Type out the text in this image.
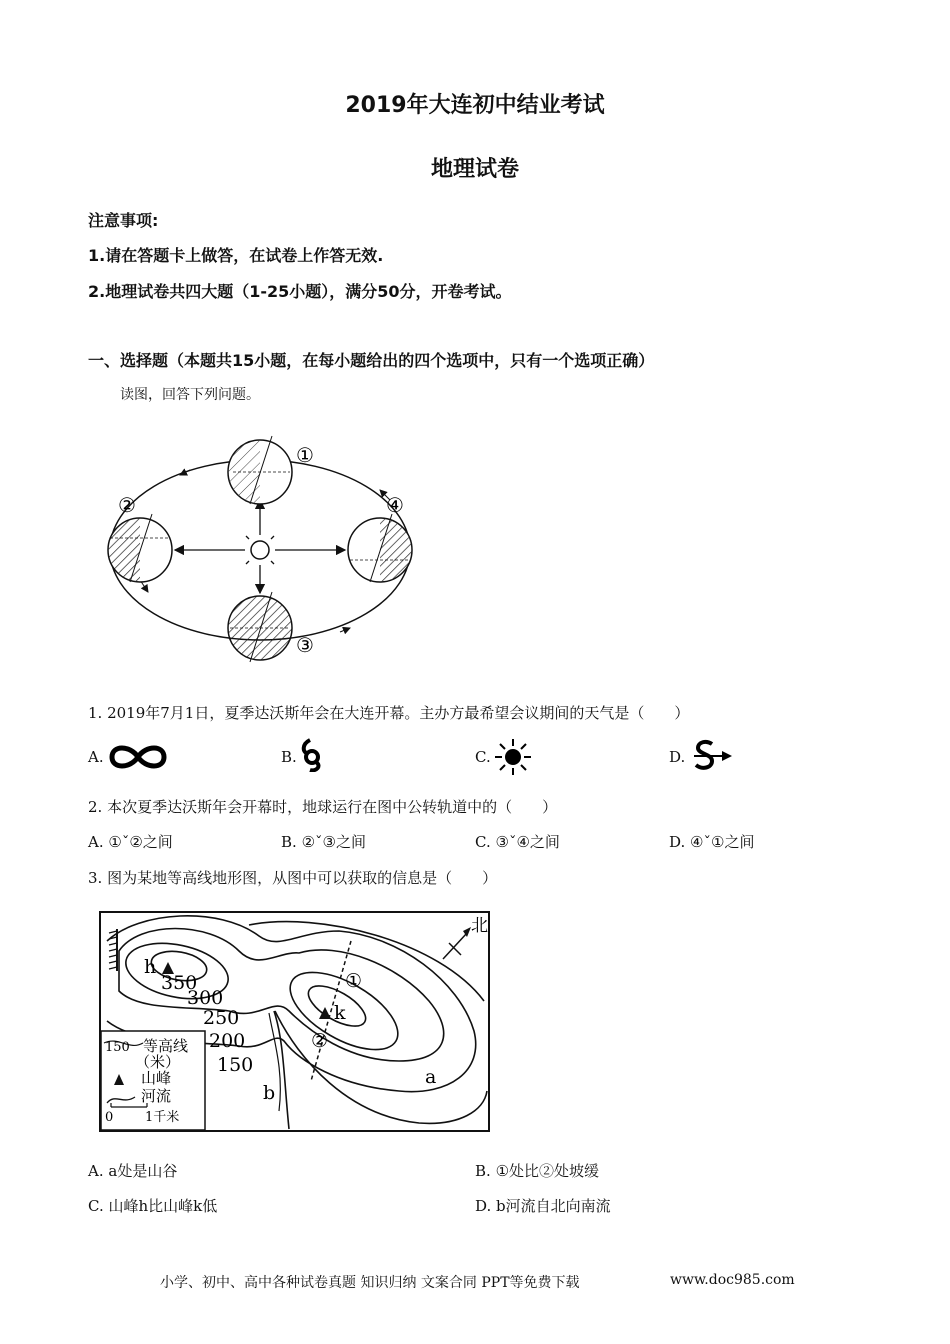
2019年大连初中结业考试
地理试卷
注意事项:
1.请在答题卡上做答，在试卷上作答无效.
2.地理试卷共四大题（1-25小题），满分50分，开卷考试。
一、选择题（本题共15小题，在每小题给出的四个选项中，只有一个选项正确）
读图，回答下列问题。
①
②
③
④
1. 2019年7月1日，夏季达沃斯年会在大连开幕。主办方最希望会议期间的天气是（　　）
A.	B.	C.	D.
2. 本次夏季达沃斯年会开幕时，地球运行在图中公转轨道中的（　　）
A. ①ˇ②之间	B. ②ˇ③之间	C. ③ˇ④之间	D. ④ˇ①之间
3. 图为某地等高线地形图，从图中可以获取的信息是（　　）
h
k
350
300
250
200
150
①
②
a
b
北
150 等高线
（米）
山峰
河流
0 1千米
A. a处是山谷	B. ①处比②处坡缓
C. 山峰h比山峰k低	D. b河流自北向南流
小学、初中、高中各种试卷真题 知识归纳 文案合同 PPT等免费下载	www.doc985.com
